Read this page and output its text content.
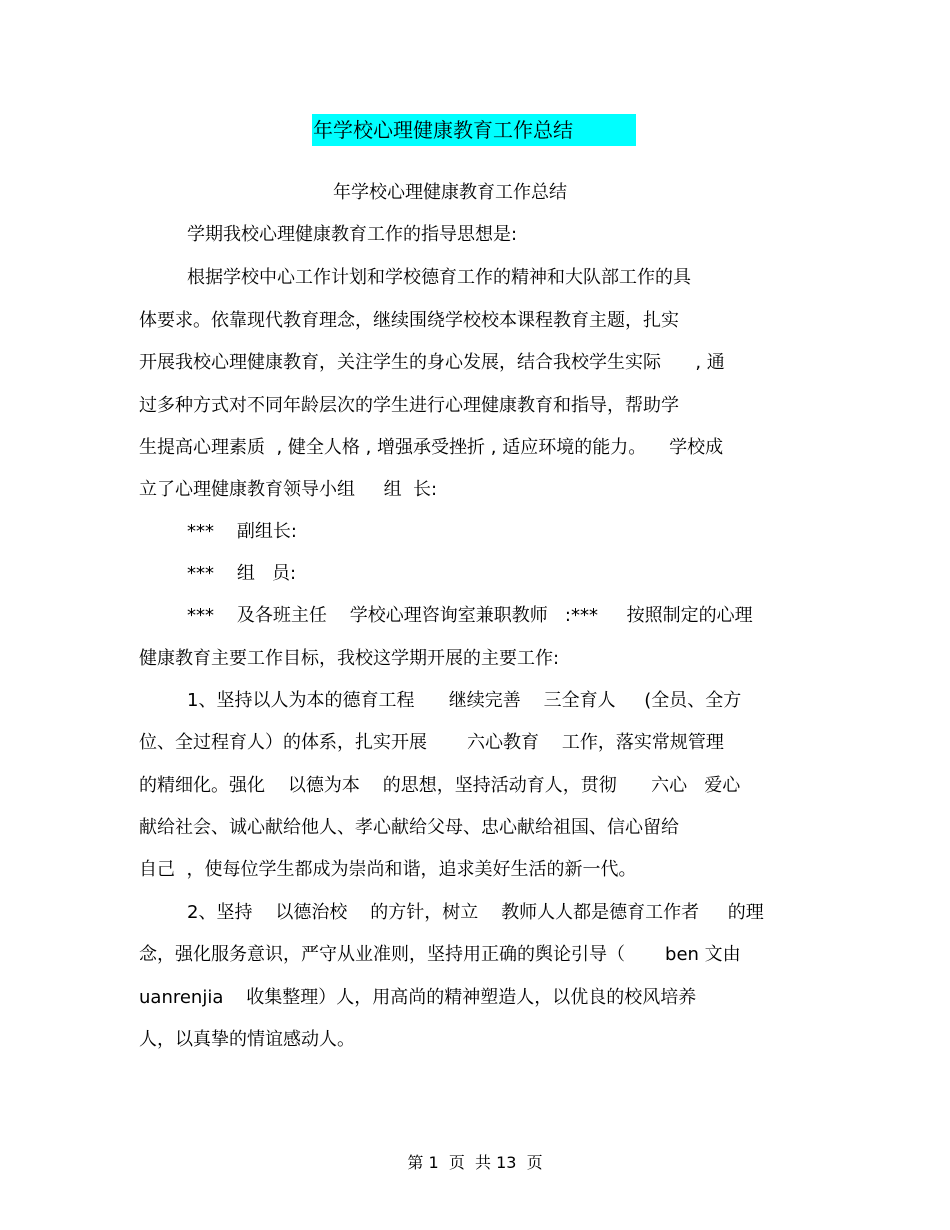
年学校心理健康教育工作总结
年学校心理健康教育工作总结
学期我校心理健康教育工作的指导思想是:
根据学校中心工作计划和学校德育工作的精神和大队部工作的具
体要求。依靠现代教育理念，继续围绕学校校本课程教育主题，扎实
开展我校心理健康教育，关注学生的身心发展，结合我校学生实际      , 通
过多种方式对不同年龄层次的学生进行心理健康教育和指导，帮助学
生提高心理素质  , 健全人格 , 增强承受挫折 , 适应环境的能力。    学校成
立了心理健康教育领导小组     组  长:
***    副组长:
***    组   员:
***    及各班主任    学校心理咨询室兼职教师   :***     按照制定的心理
健康教育主要工作目标，我校这学期开展的主要工作:
1、坚持以人为本的德育工程      继续完善    三全育人     (全员、全方
位、全过程育人）的体系，扎实开展       六心教育    工作，落实常规管理
的精细化。强化    以德为本    的思想，坚持活动育人，贯彻      六心   爱心
献给社会、诚心献给他人、孝心献给父母、忠心献给祖国、信心留给
自己  ，使每位学生都成为崇尚和谐，追求美好生活的新一代。
2、坚持    以德治校    的方针，树立    教师人人都是德育工作者     的理
念，强化服务意识，严守从业准则，坚持用正确的舆论引导（       ben 文由
uanrenjia    收集整理）人，用高尚的精神塑造人，以优良的校风培养
人，以真挚的情谊感动人。
第 1  页  共 13  页
